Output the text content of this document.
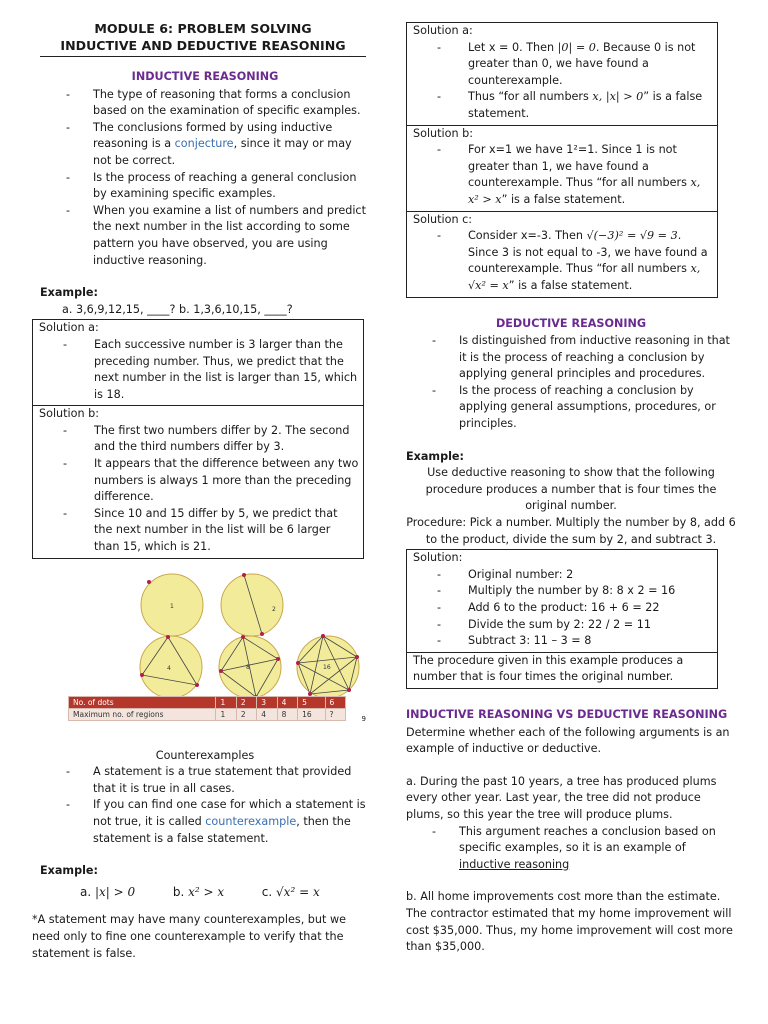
MODULE 6: PROBLEM SOLVING
INDUCTIVE AND DEDUCTIVE REASONING
INDUCTIVE REASONING
- The type of reasoning that forms a conclusion based on the examination of specific examples.
- The conclusions formed by using inductive reasoning is a conjecture, since it may or may not be correct.
- Is the process of reaching a general conclusion by examining specific examples.
- When you examine a list of numbers and predict the next number in the list according to some pattern you have observed, you are using inductive reasoning.
Example:
a. 3,6,9,12,15, ____? b. 1,3,6,10,15, ____?
Solution a:
- Each successive number is 3 larger than the preceding number. Thus, we predict that the next number in the list is larger than 15, which is 18.
Solution b:
- The first two numbers differ by 2. The second and the third numbers differ by 3.
- It appears that the difference between any two numbers is always 1 more than the preceding difference.
- Since 10 and 15 differ by 5, we predict that the next number in the list will be 6 larger than 15, which is 21.
1	2
4	8	16
No. of dots	1	2	3	4	5	6
Maximum no. of regions	1	2	4	8	16	?	9
Counterexamples
- A statement is a true statement that provided that it is true in all cases.
- If you can find one case for which a statement is not true, it is called counterexample, then the statement is a false statement.
Example:
a. |x| > 0	b. x² > x	c. √x² = x
*A statement may have many counterexamples, but we need only to fine one counterexample to verify that the statement is false.
Solution a:
- Let x = 0. Then |0| = 0. Because 0 is not greater than 0, we have found a counterexample.
- Thus “for all numbers x, |x| > 0” is a false statement.
Solution b:
- For x=1 we have 1²=1. Since 1 is not greater than 1, we have found a counterexample. Thus “for all numbers x, x² > x” is a false statement.
Solution c:
- Consider x=-3. Then √(−3)² = √9 = 3. Since 3 is not equal to -3, we have found a counterexample. Thus “for all numbers x, √x² = x” is a false statement.
DEDUCTIVE REASONING
- Is distinguished from inductive reasoning in that it is the process of reaching a conclusion by applying general principles and procedures.
- Is the process of reaching a conclusion by applying general assumptions, procedures, or principles.
Example:
Use deductive reasoning to show that the following procedure produces a number that is four times the original number.
Procedure: Pick a number. Multiply the number by 8, add 6 to the product, divide the sum by 2, and subtract 3.
Solution:
- Original number: 2
- Multiply the number by 8: 8 x 2 = 16
- Add 6 to the product: 16 + 6 = 22
- Divide the sum by 2: 22 / 2 = 11
- Subtract 3: 11 – 3 = 8
The procedure given in this example produces a number that is four times the original number.
INDUCTIVE REASONING VS DEDUCTIVE REASONING
Determine whether each of the following arguments is an example of inductive or deductive.
a. During the past 10 years, a tree has produced plums every other year. Last year, the tree did not produce plums, so this year the tree will produce plums.
- This argument reaches a conclusion based on specific examples, so it is an example of inductive reasoning
b. All home improvements cost more than the estimate. The contractor estimated that my home improvement will cost $35,000. Thus, my home improvement will cost more than $35,000.
